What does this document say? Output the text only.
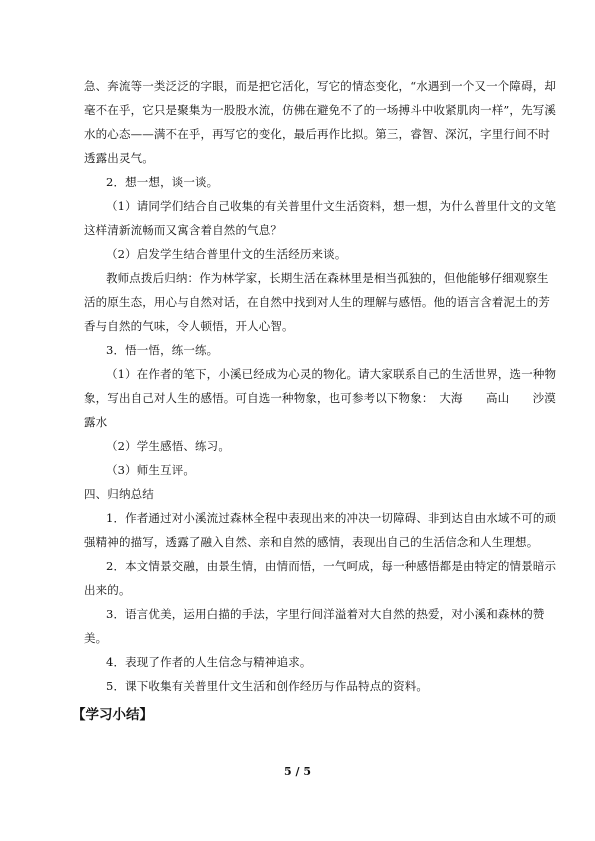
急、奔流等一类泛泛的字眼，而是把它活化，写它的情态变化，“水遇到一个又一个障碍，却
毫不在乎，它只是聚集为一股股水流，仿佛在避免不了的一场搏斗中收紧肌肉一样”，先写溪
水的心态——满不在乎，再写它的变化，最后再作比拟。第三，睿智、深沉，字里行间不时
透露出灵气。
2．想一想，谈一谈。
（1）请同学们结合自己收集的有关普里什文生活资料，想一想，为什么普里什文的文笔
这样清新流畅而又寓含着自然的气息？
（2）启发学生结合普里什文的生活经历来谈。
教师点拨后归纳：作为林学家，长期生活在森林里是相当孤独的，但他能够仔细观察生
活的原生态，用心与自然对话，在自然中找到对人生的理解与感悟。他的语言含着泥土的芳
香与自然的气味，令人顿悟，开人心智。
3．悟一悟，练一练。
（1）在作者的笔下，小溪已经成为心灵的物化。请大家联系自己的生活世界，选一种物
象，写出自己对人生的感悟。可自选一种物象，也可参考以下物象：　大海　　高山　　沙漠
露水
（2）学生感悟、练习。
（3）师生互评。
四、归纳总结
1．作者通过对小溪流过森林全程中表现出来的冲决一切障碍、非到达自由水域不可的顽
强精神的描写，透露了融入自然、亲和自然的感情，表现出自己的生活信念和人生理想。
2．本文情景交融，由景生情，由情而悟，一气呵成，每一种感悟都是由特定的情景暗示
出来的。
3．语言优美，运用白描的手法，字里行间洋溢着对大自然的热爱，对小溪和森林的赞
美。
4．表现了作者的人生信念与精神追求。
5．课下收集有关普里什文生活和创作经历与作品特点的资料。
【学习小结】
5 / 5
